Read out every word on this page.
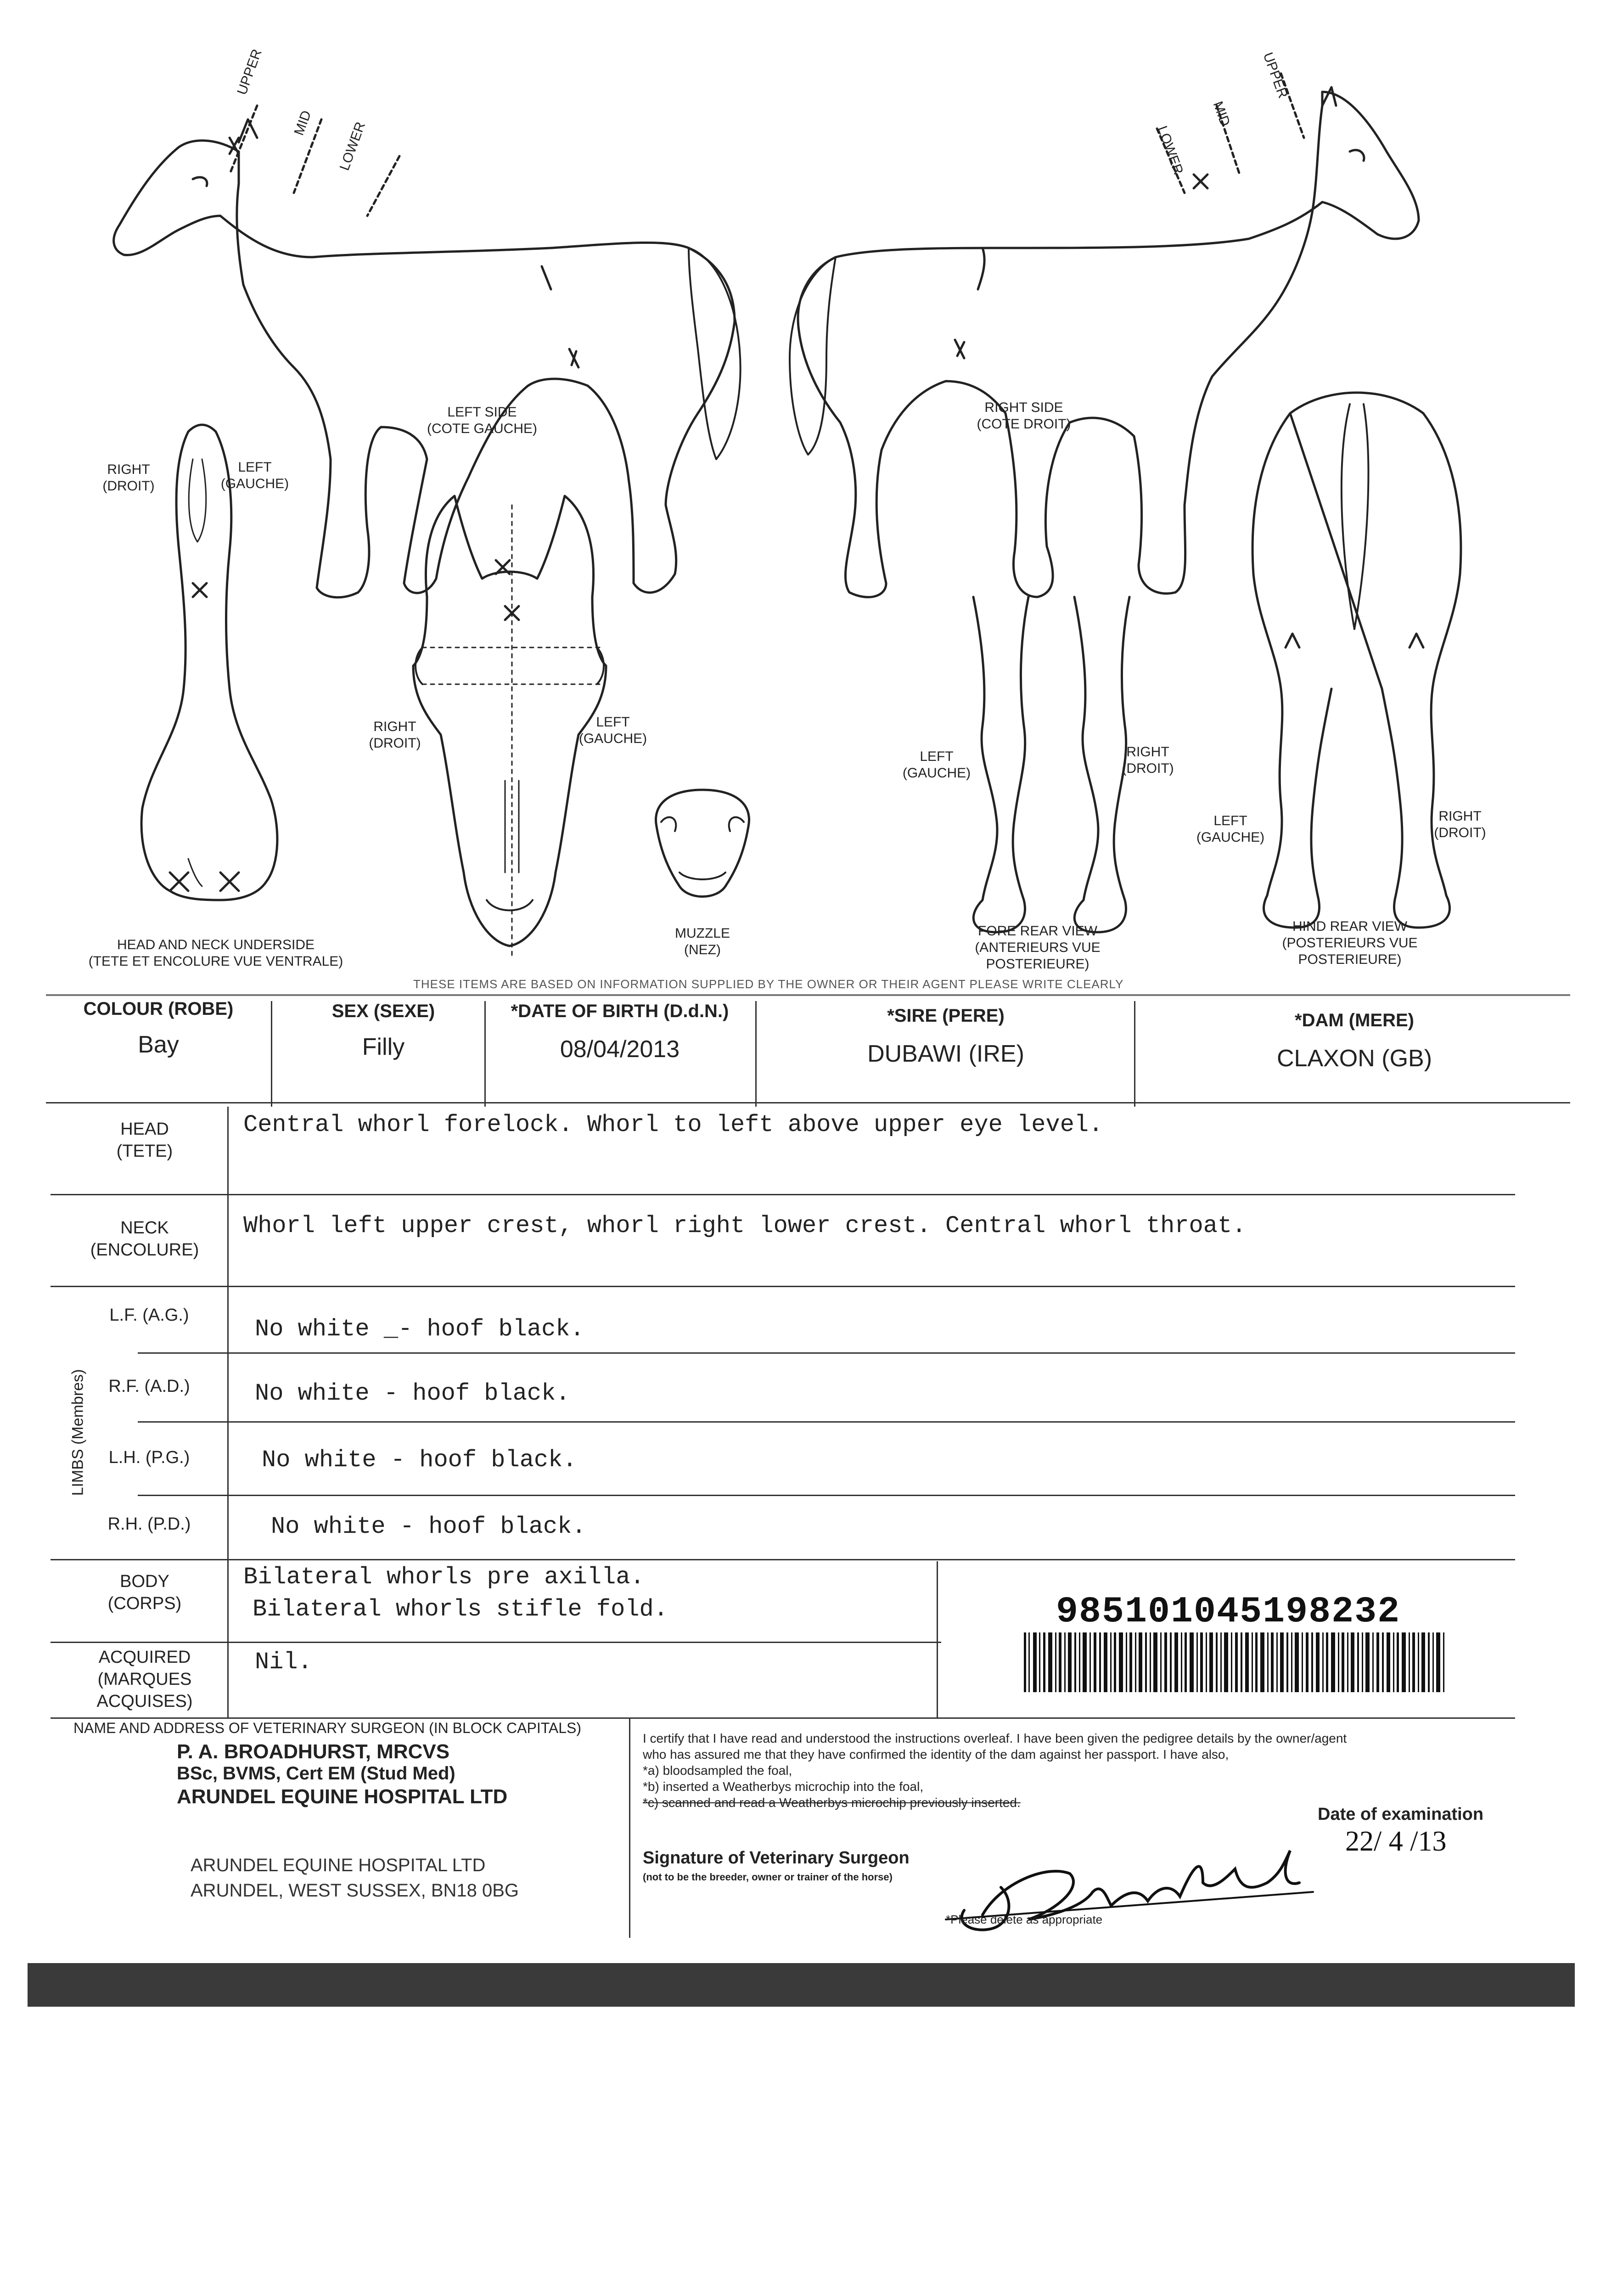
UPPER
MID LOWER
UPPER
MID
LOWER
LEFT SIDE
(COTE GAUCHE)
RIGHT SIDE
(COTE DROIT)
RIGHT
(DROIT)
LEFT
(GAUCHE)
HEAD AND NECK UNDERSIDE
(TETE ET ENCOLURE VUE VENTRALE)
RIGHT
(DROIT)
LEFT
(GAUCHE)
MUZZLE
(NEZ)
LEFT
(GAUCHE)
RIGHT
(DROIT)
FORE REAR VIEW
(ANTERIEURS VUE
POSTERIEURE)
LEFT
(GAUCHE)
RIGHT
(DROIT)
HIND REAR VIEW
(POSTERIEURS VUE
POSTERIEURE)
THESE ITEMS ARE BASED ON INFORMATION SUPPLIED BY THE OWNER OR THEIR AGENT PLEASE WRITE CLEARLY
COLOUR (ROBE)
Bay
SEX (SEXE)
Filly
*DATE OF BIRTH (D.d.N.)
08/04/2013
*SIRE (PERE)
DUBAWI (IRE)
*DAM (MERE)
CLAXON (GB)
HEAD
(TETE)
Central whorl forelock. Whorl to left above upper eye level.
NECK
(ENCOLURE)
Whorl left upper crest, whorl right lower crest. Central whorl throat.
LIMBS (Membres)
L.F. (A.G.)
No white _- hoof black.
R.F. (A.D.)	No white - hoof black.
L.H. (P.G.)	No white - hoof black.
R.H. (P.D.)	No white - hoof black.
BODY
(CORPS)
Bilateral whorls pre axilla.
Bilateral whorls stifle fold.
ACQUIRED
(MARQUES
ACQUISES)
Nil.
985101045198232
NAME AND ADDRESS OF VETERINARY SURGEON (IN BLOCK CAPITALS)
P. A. BROADHURST, MRCVS
BSc, BVMS, Cert EM (Stud Med)
ARUNDEL EQUINE HOSPITAL LTD
ARUNDEL EQUINE HOSPITAL LTD
ARUNDEL, WEST SUSSEX, BN18 0BG
I certify that I have read and understood the instructions overleaf. I have been given the pedigree details by the owner/agent
who has assured me that they have confirmed the identity of the dam against her passport. I have also,
*a) bloodsampled the foal,
*b) inserted a Weatherbys microchip into the foal,
*c) scanned and read a Weatherbys microchip previously inserted.
Date of examination
22/ 4 /13
Signature of Veterinary Surgeon
(not to be the breeder, owner or trainer of the horse)
*Please delete as appropriate
